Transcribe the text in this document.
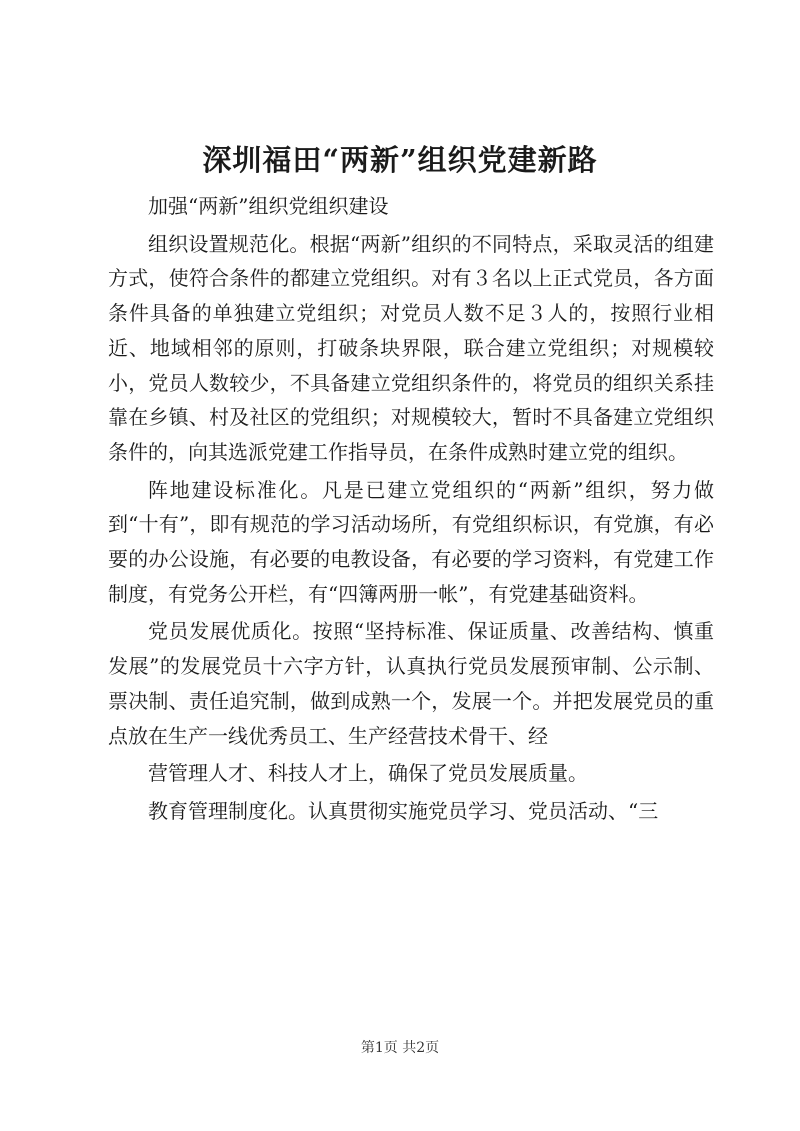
深圳福田“两新”组织党建新路

加强“两新”组织党组织建设

组织设置规范化。根据“两新”组织的不同特点，采取灵活的组建方式，使符合条件的都建立党组织。对有３名以上正式党员，各方面条件具备的单独建立党组织；对党员人数不足３人的，按照行业相近、地域相邻的原则，打破条块界限，联合建立党组织；对规模较小，党员人数较少，不具备建立党组织条件的，将党员的组织关系挂靠在乡镇、村及社区的党组织；对规模较大，暂时不具备建立党组织条件的，向其选派党建工作指导员，在条件成熟时建立党的组织。

阵地建设标准化。凡是已建立党组织的“两新”组织，努力做到“十有”，即有规范的学习活动场所，有党组织标识，有党旗，有必要的办公设施，有必要的电教设备，有必要的学习资料，有党建工作制度，有党务公开栏，有“四簿两册一帐”，有党建基础资料。

党员发展优质化。按照“坚持标准、保证质量、改善结构、慎重发展”的发展党员十六字方针，认真执行党员发展预审制、公示制、票决制、责任追究制，做到成熟一个，发展一个。并把发展党员的重点放在生产一线优秀员工、生产经营技术骨干、经

营管理人才、科技人才上，确保了党员发展质量。

教育管理制度化。认真贯彻实施党员学习、党员活动、“三

第1页 共2页
